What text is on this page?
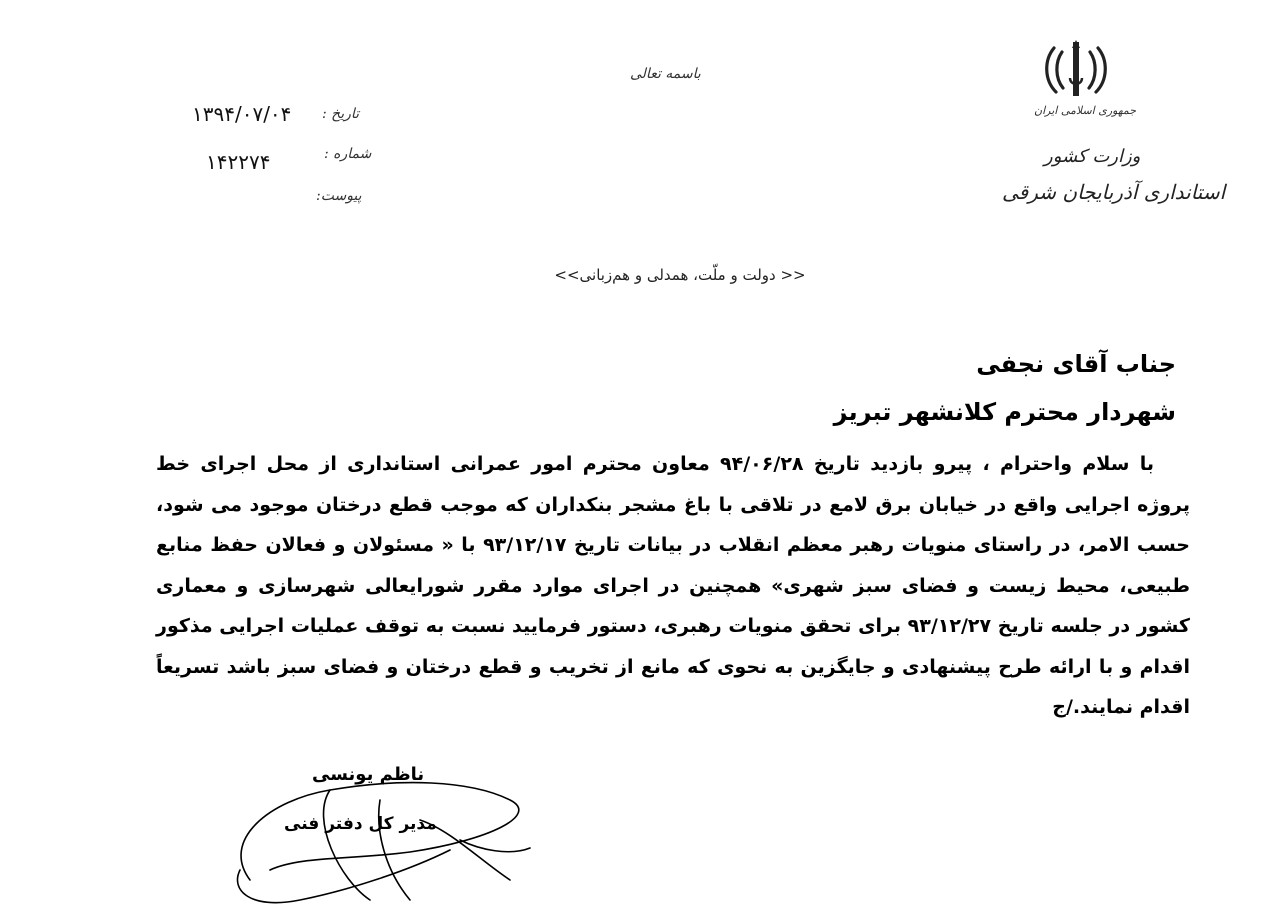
باسمه تعالی
تاریخ :
۱۳۹۴/۰۷/۰۴
شماره :
۱۴۲۲۷۴
پیوست:
جمهوری اسلامی ایران
وزارت کشور
استانداری آذربایجان شرقی
<< دولت و ملّت، همدلی و هم‌زبانی>>
جناب آقای نجفی
شهردار محترم کلانشهر تبریز

با سلام واحترام ، پیرو بازدید تاریخ ۹۴/۰۶/۲۸ معاون محترم امور عمرانی استانداری از محل اجرای خط پروژه اجرایی واقع در خیابان برق لامع در تلاقی با باغ مشجر بنکداران که موجب قطع درختان موجود می شود، حسب الامر، در راستای منویات رهبر معظم انقلاب در بیانات تاریخ ۹۳/۱۲/۱۷ با « مسئولان و فعالان حفظ منابع طبیعی، محیط زیست و فضای سبز شهری» همچنین در اجرای موارد مقرر شورایعالی شهرسازی و معماری کشور در جلسه تاریخ ۹۳/۱۲/۲۷ برای تحقق منویات رهبری، دستور فرمایید نسبت به توقف عملیات اجرایی مذکور اقدام و با ارائه طرح پیشنهادی و جایگزین به نحوی که مانع از تخریب و قطع درختان و فضای سبز باشد تسریعاً اقدام نمایند./ج

ناظم یونسی
مدیر کل دفتر فنی
